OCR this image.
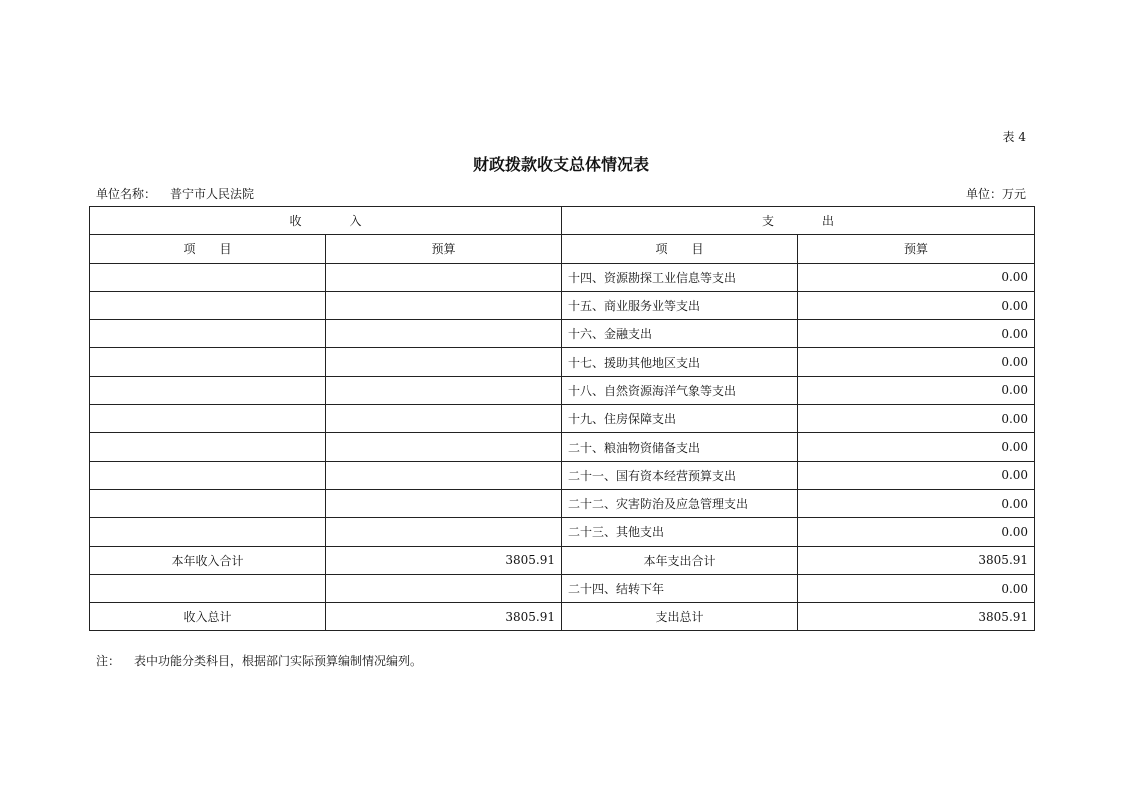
表 4
财政拨款收支总体情况表
单位名称： 普宁市人民法院	单位：万元
收　　　　入		支　　　　出	
项　　目	预算	项　　目	预算
		十四、资源勘探工业信息等支出	0.00
		十五、商业服务业等支出	0.00
		十六、金融支出	0.00
		十七、援助其他地区支出	0.00
		十八、自然资源海洋气象等支出	0.00
		十九、住房保障支出	0.00
		二十、粮油物资储备支出	0.00
		二十一、国有资本经营预算支出	0.00
		二十二、灾害防治及应急管理支出	0.00
		二十三、其他支出	0.00
本年收入合计	3805.91	本年支出合计	3805.91
		二十四、结转下年	0.00
收入总计	3805.91	支出总计	3805.91
注： 表中功能分类科目，根据部门实际预算编制情况编列。
